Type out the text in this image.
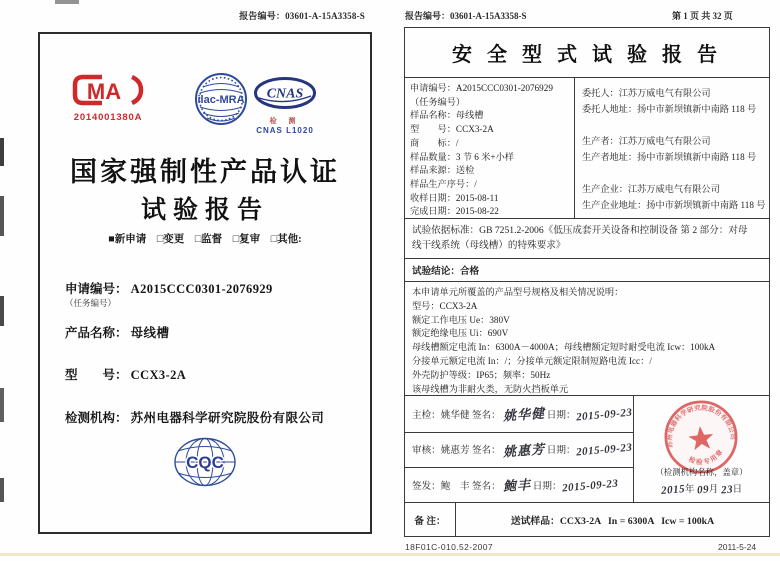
报告编号：03601-A-15A3358-S
MA
2014001380A
ilac-MRA CNAS
检 测
CNAS L1020
国家强制性产品认证
试验报告
■新申请 □变更 □监督 □复审 □其他:
申请编号： A2015CCC0301-2076929
（任务编号）
产品名称： 母线槽
型　　号： CCX3-2A
检测机构： 苏州电器科学研究院股份有限公司
CQC
报告编号：03601-A-15A3358-S	第 1 页 共 32 页
安 全 型 式 试 验 报 告
申请编号：A2015CCC0301-2076929
（任务编号）
样品名称：母线槽
型　　号：CCX3-2A
商　　标：/
样品数量：3 节 6 米+小样
样品来源：送检
样品生产序号：/
收样日期：2015-08-11
完成日期：2015-08-22
委托人：江苏万威电气有限公司
委托人地址：扬中市新坝镇新中南路 118 号
生产者：江苏万威电气有限公司
生产者地址：扬中市新坝镇新中南路 118 号
生产企业：江苏万威电气有限公司
生产企业地址：扬中市新坝镇新中南路 118 号
试验依据标准：GB 7251.2-2006《低压成套开关设备和控制设备 第 2 部分：对母
线干线系统（母线槽）的特殊要求》
试验结论：合格
本申请单元所覆盖的产品型号规格及相关情况说明：
型号：CCX3-2A
额定工作电压 Ue：380V
额定绝缘电压 Ui：690V
母线槽额定电流 In：6300A－4000A；母线槽额定短时耐受电流 Icw：100kA
分接单元额定电流 In：/；分接单元额定限制短路电流 Icc：/
外壳防护等级：IP65；频率：50Hz
该母线槽为非耐火类，无防火挡板单元
主检： 姚华健
签名： 姚华健 日期： 2015-09-23
审核： 姚惠芳
签名： 姚惠芳 日期： 2015-09-23
签发： 鲍　丰
签名： 鲍丰 日期： 2015-09-23
苏州电器科学研究院股份有限公司
检验专用章
（检测机构名称，盖章）
2015年 09月 23日
备 注：	送试样品：CCX3-2A   In = 6300A   Icw = 100kA
18F01C-010.52-2007	2011-5-24
